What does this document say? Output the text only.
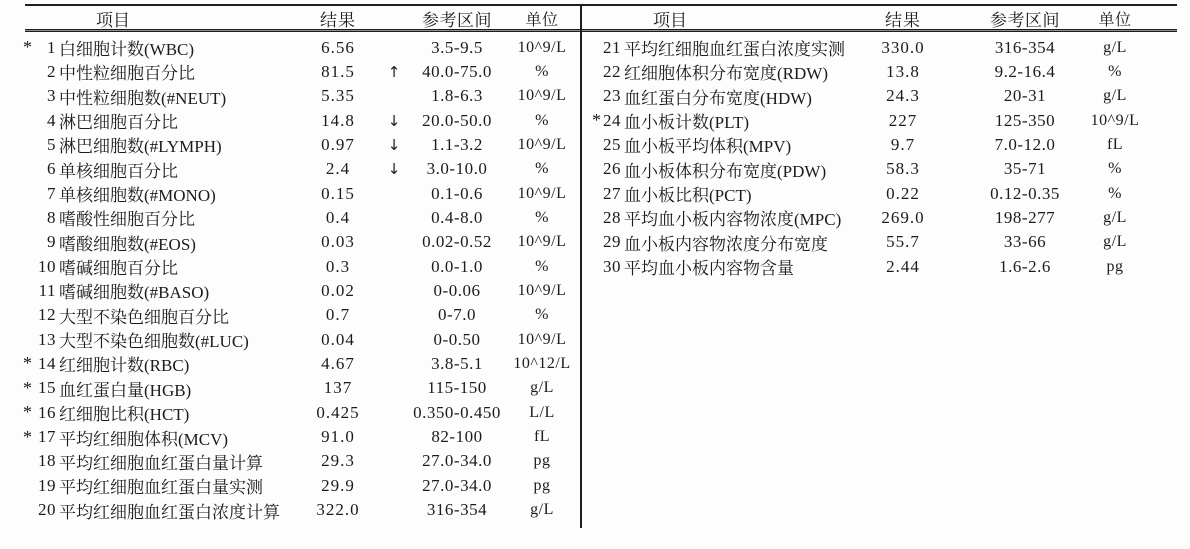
项目	结果	参考区间	单位
* 1 白细胞计数(WBC)	6.56	3.5-9.5	10^9/L
2 中性粒细胞百分比	81.5	↑	40.0-75.0	%
3 中性粒细胞数(#NEUT)	5.35	1.8-6.3	10^9/L
4 淋巴细胞百分比	14.8	↓	20.0-50.0	%
5 淋巴细胞数(#LYMPH)	0.97	↓	1.1-3.2	10^9/L
6 单核细胞百分比	2.4	↓	3.0-10.0	%
7 单核细胞数(#MONO)	0.15	0.1-0.6	10^9/L
8 嗜酸性细胞百分比	0.4	0.4-8.0	%
9 嗜酸细胞数(#EOS)	0.03	0.02-0.52	10^9/L
10 嗜碱细胞百分比	0.3	0.0-1.0	%
11 嗜碱细胞数(#BASO)	0.02	0-0.06	10^9/L
12 大型不染色细胞百分比	0.7	0-7.0	%
13 大型不染色细胞数(#LUC)	0.04	0-0.50	10^9/L
* 14 红细胞计数(RBC)	4.67	3.8-5.1	10^12/L
* 15 血红蛋白量(HGB)	137	115-150	g/L
* 16 红细胞比积(HCT)	0.425	0.350-0.450	L/L
* 17 平均红细胞体积(MCV)	91.0	82-100	fL
18 平均红细胞血红蛋白量计算	29.3	27.0-34.0	pg
19 平均红细胞血红蛋白量实测	29.9	27.0-34.0	pg
20 平均红细胞血红蛋白浓度计算	322.0	316-354	g/L
项目	结果	参考区间	单位
21 平均红细胞血红蛋白浓度实测	330.0	316-354	g/L
22 红细胞体积分布宽度(RDW)	13.8	9.2-16.4	%
23 血红蛋白分布宽度(HDW)	24.3	20-31	g/L
* 24 血小板计数(PLT)	227	125-350	10^9/L
25 血小板平均体积(MPV)	9.7	7.0-12.0	fL
26 血小板体积分布宽度(PDW)	58.3	35-71	%
27 血小板比积(PCT)	0.22	0.12-0.35	%
28 平均血小板内容物浓度(MPC)	269.0	198-277	g/L
29 血小板内容物浓度分布宽度	55.7	33-66	g/L
30 平均血小板内容物含量	2.44	1.6-2.6	pg
